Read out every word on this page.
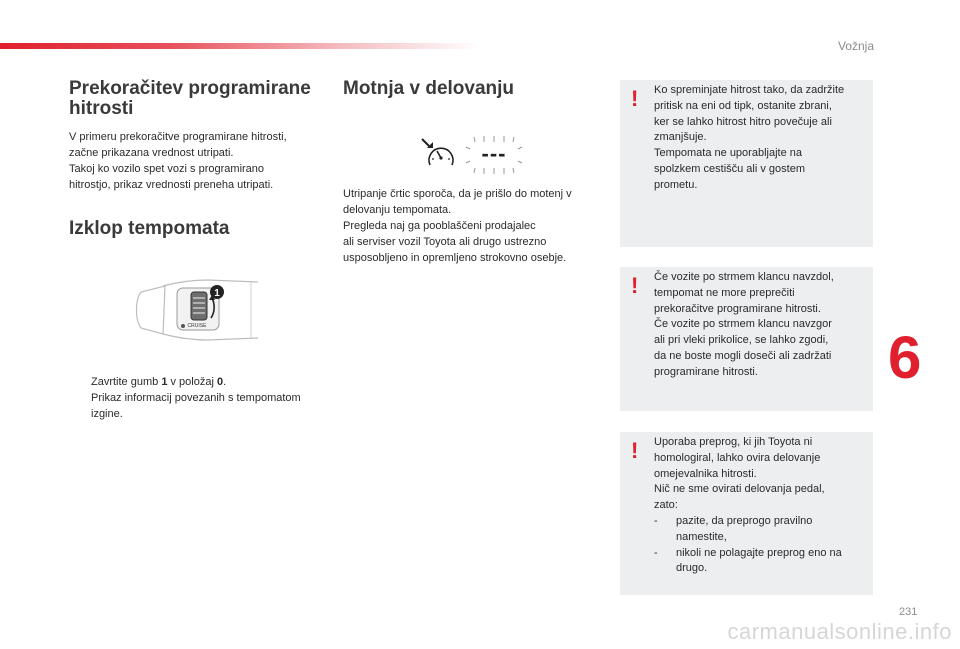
Vožnja
6
231
carmanualsonline.info
Prekoračitev programirane
hitrosti
V primeru prekoračitve programirane hitrosti,
začne prikazana vrednost utripati.
Takoj ko vozilo spet vozi s programirano
hitrostjo, prikaz vrednosti preneha utripati.
Izklop tempomata
1
CRUISE
Zavrtite gumb 1 v položaj 0.
Prikaz informacij povezanih s tempomatom
izgine.
Motnja v delovanju
---
Utripanje črtic sporoča, da je prišlo do motenj v
delovanju tempomata.
Pregleda naj ga pooblaščeni prodajalec
ali serviser vozil Toyota ali drugo ustrezno
usposobljeno in opremljeno strokovno osebje.
! Ko spreminjate hitrost tako, da zadržite
pritisk na eni od tipk, ostanite zbrani,
ker se lahko hitrost hitro povečuje ali
zmanjšuje.
Tempomata ne uporabljajte na
spolzkem cestišču ali v gostem
prometu.
! Če vozite po strmem klancu navzdol,
tempomat ne more preprečiti
prekoračitve programirane hitrosti.
Če vozite po strmem klancu navzgor
ali pri vleki prikolice, se lahko zgodi,
da ne boste mogli doseči ali zadržati
programirane hitrosti.
! Uporaba preprog, ki jih Toyota ni
homologiral, lahko ovira delovanje
omejevalnika hitrosti.
Nič ne sme ovirati delovanja pedal,
zato:
-	pazite, da preprogo pravilno
namestite,
-	nikoli ne polagajte preprog eno na
drugo.
